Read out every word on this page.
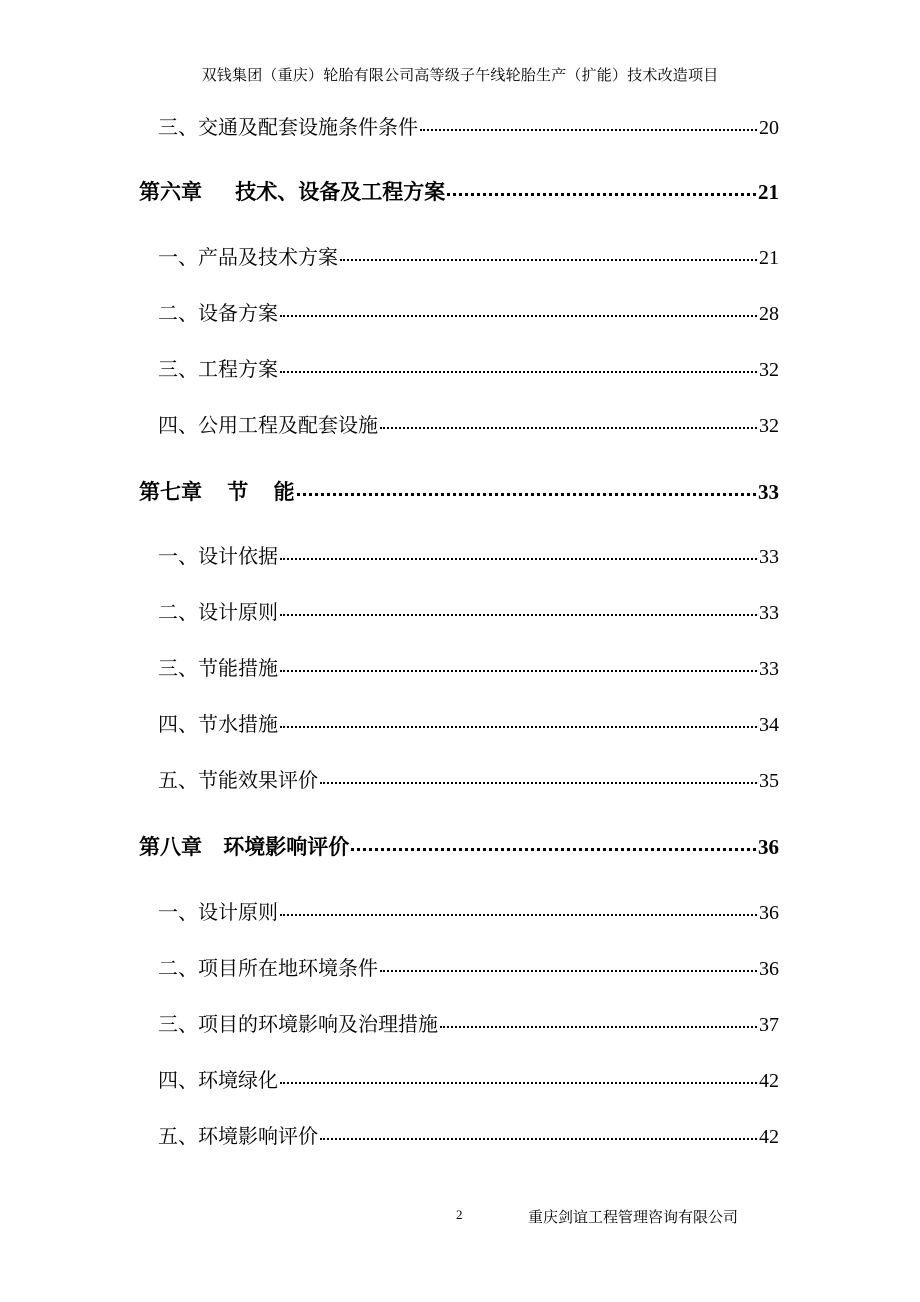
双钱集团（重庆）轮胎有限公司高等级子午线轮胎生产（扩能）技术改造项目
三、交通及配套设施条件条件	20
第六章 技术、设备及工程方案	21
一、产品及技术方案	21
二、设备方案	28
三、工程方案	32
四、公用工程及配套设施	32
第七章 节 能	33
一、设计依据	33
二、设计原则	33
三、节能措施	33
四、节水措施	34
五、节能效果评价	35
第八章 环境影响评价	36
一、设计原则	36
二、项目所在地环境条件	36
三、项目的环境影响及治理措施	37
四、环境绿化	42
五、环境影响评价	42
2	重庆剑谊工程管理咨询有限公司
